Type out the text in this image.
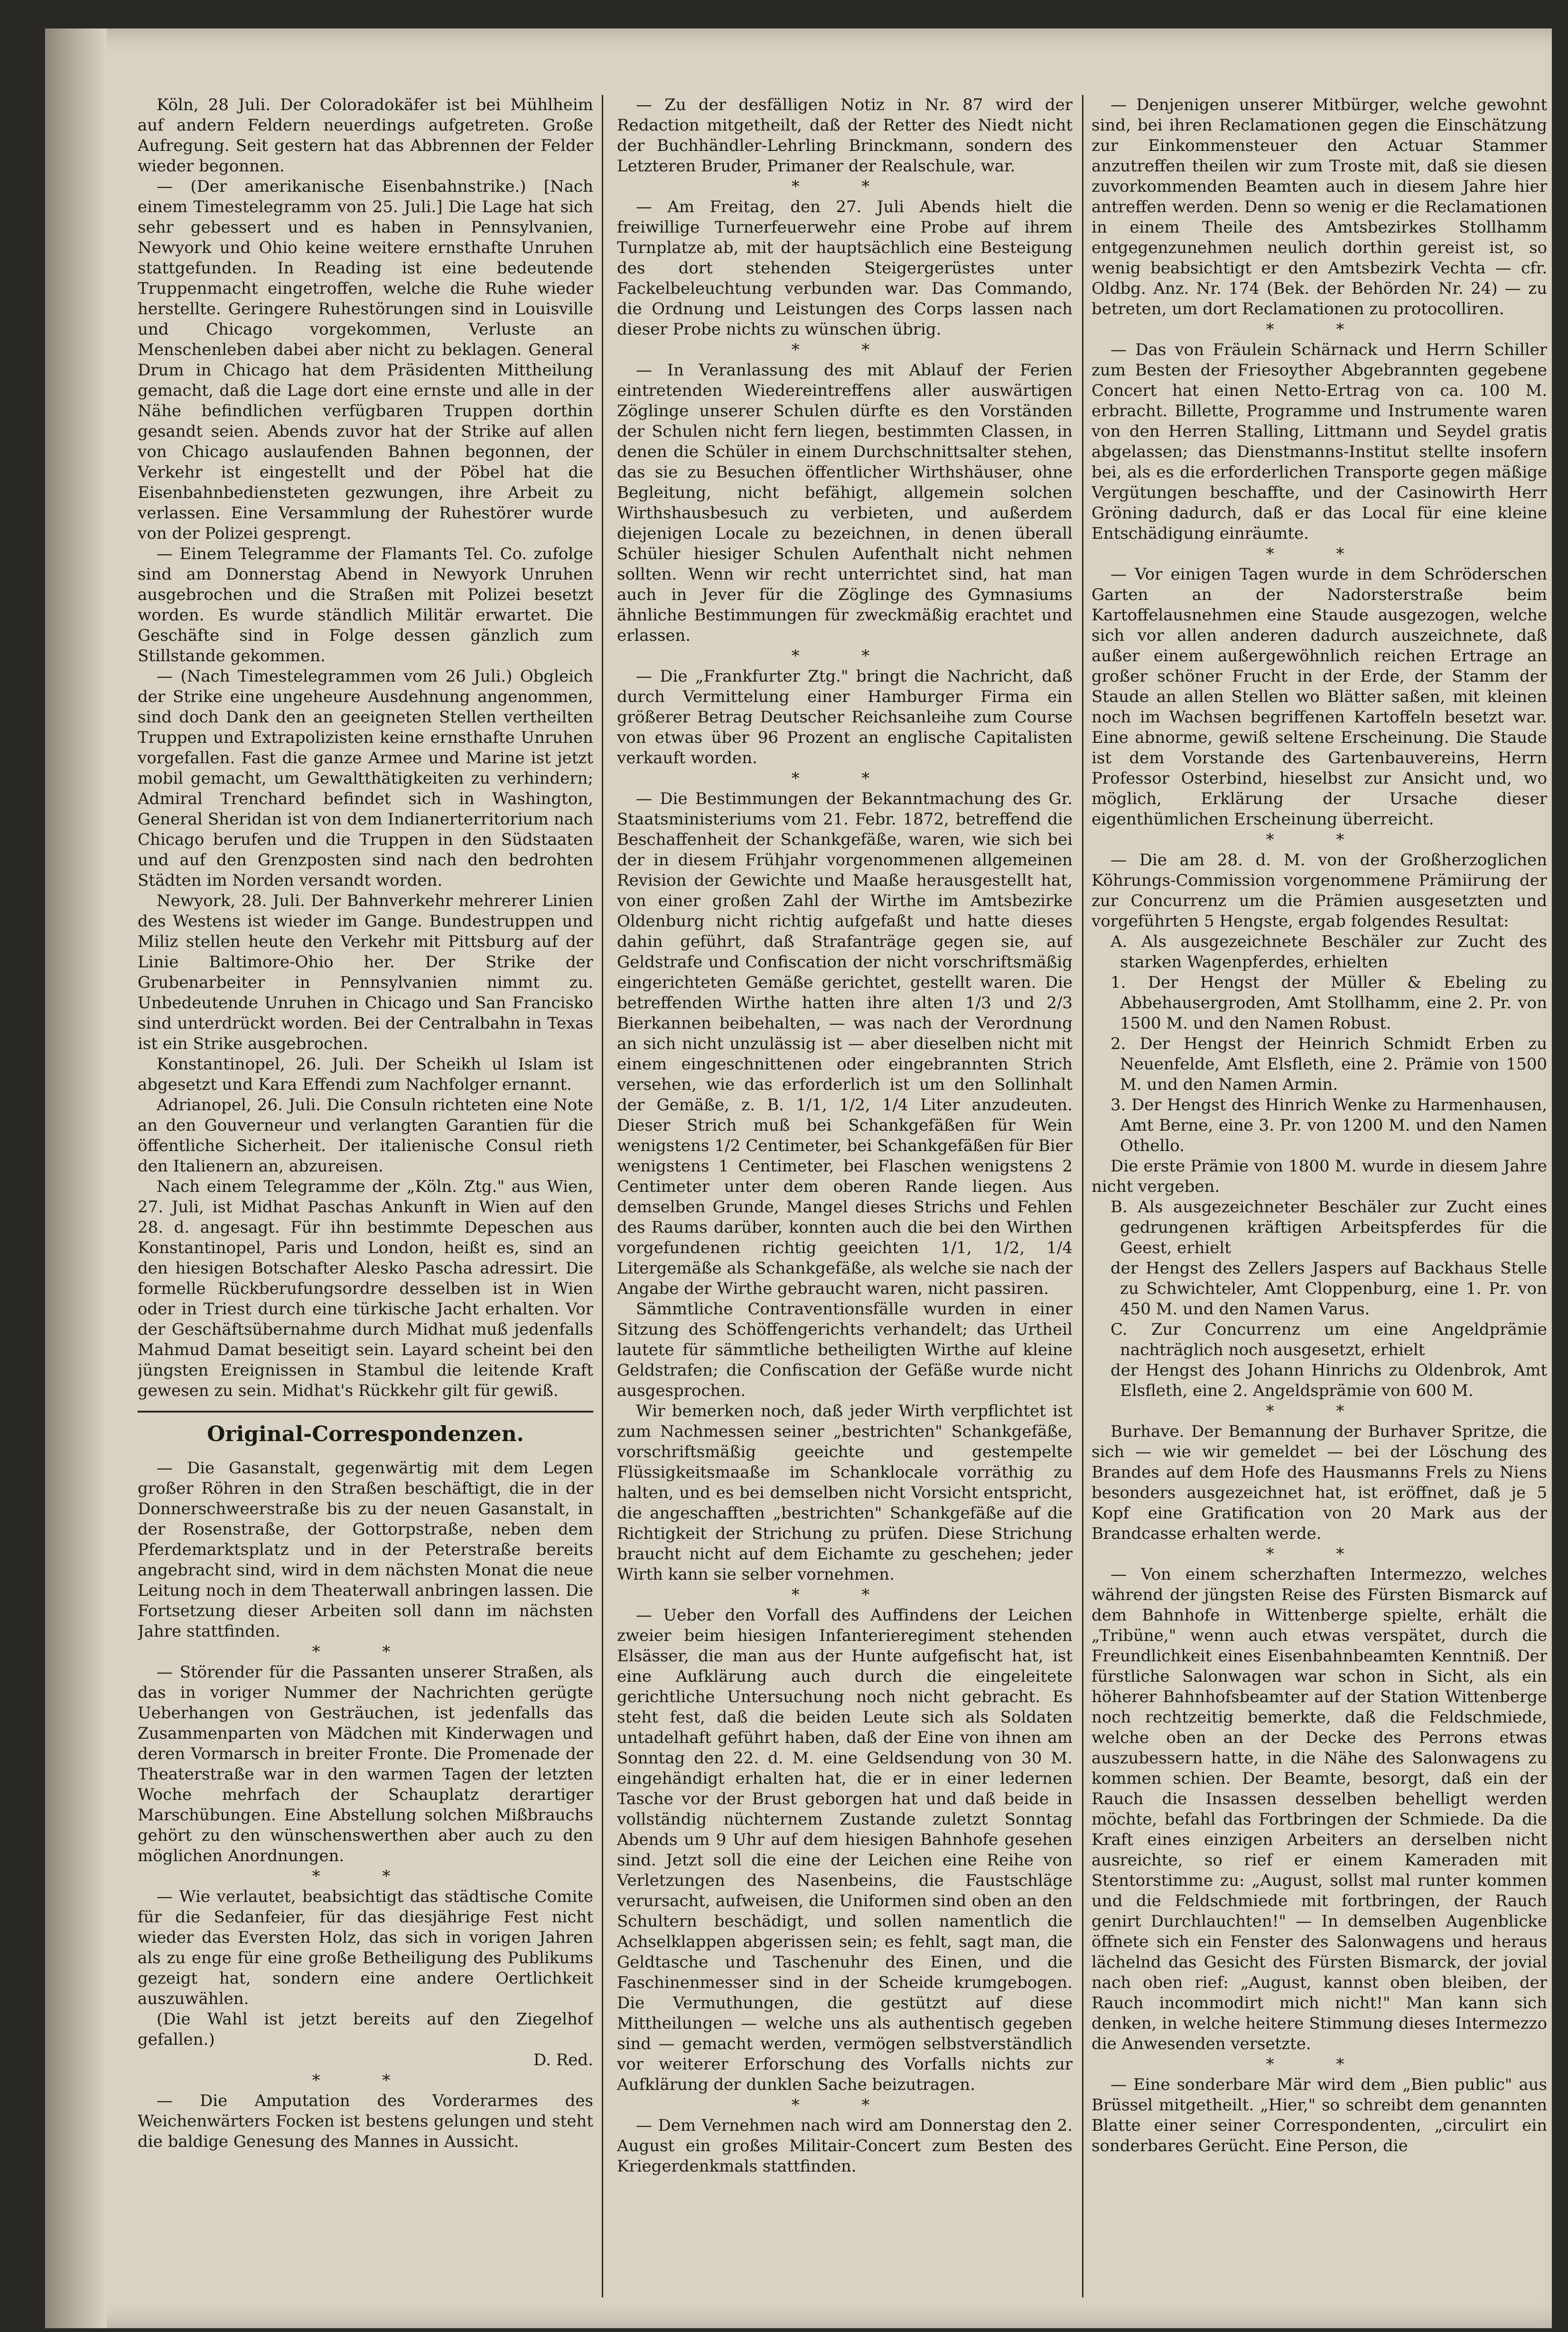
Köln, 28 Juli. Der Coloradokäfer ist bei Mühlheim auf andern Feldern neuerdings aufgetreten. Große Aufregung. Seit gestern hat das Abbrennen der Felder wieder begonnen.

— (Der amerikanische Eisenbahnstrike.) [Nach einem Timestelegramm von 25. Juli.] Die Lage hat sich sehr gebessert und es haben in Pennsylvanien, Newyork und Ohio keine weitere ernsthafte Unruhen stattgefunden. In Reading ist eine bedeutende Truppenmacht eingetroffen, welche die Ruhe wieder herstellte. Geringere Ruhestörungen sind in Louisville und Chicago vorgekommen, Verluste an Menschenleben dabei aber nicht zu beklagen. General Drum in Chicago hat dem Präsidenten Mittheilung gemacht, daß die Lage dort eine ernste und alle in der Nähe befindlichen verfügbaren Truppen dorthin gesandt seien. Abends zuvor hat der Strike auf allen von Chicago auslaufenden Bahnen begonnen, der Verkehr ist eingestellt und der Pöbel hat die Eisenbahnbediensteten gezwungen, ihre Arbeit zu verlassen. Eine Versammlung der Ruhestörer wurde von der Polizei gesprengt.

— Einem Telegramme der Flamants Tel. Co. zufolge sind am Donnerstag Abend in Newyork Unruhen ausgebrochen und die Straßen mit Polizei besetzt worden. Es wurde ständlich Militär erwartet. Die Geschäfte sind in Folge dessen gänzlich zum Stillstande gekommen.

— (Nach Timestelegrammen vom 26 Juli.) Obgleich der Strike eine ungeheure Ausdehnung angenommen, sind doch Dank den an geeigneten Stellen vertheilten Truppen und Extrapolizisten keine ernsthafte Unruhen vorgefallen. Fast die ganze Armee und Marine ist jetzt mobil gemacht, um Gewaltthätigkeiten zu verhindern; Admiral Trenchard befindet sich in Washington, General Sheridan ist von dem Indianerterritorium nach Chicago berufen und die Truppen in den Südstaaten und auf den Grenzposten sind nach den bedrohten Städten im Norden versandt worden.

Newyork, 28. Juli. Der Bahnverkehr mehrerer Linien des Westens ist wieder im Gange. Bundestruppen und Miliz stellen heute den Verkehr mit Pittsburg auf der Linie Baltimore-Ohio her. Der Strike der Grubenarbeiter in Pennsylvanien nimmt zu. Unbedeutende Unruhen in Chicago und San Francisko sind unterdrückt worden. Bei der Centralbahn in Texas ist ein Strike ausgebrochen.

Konstantinopel, 26. Juli. Der Scheikh ul Islam ist abgesetzt und Kara Effendi zum Nachfolger ernannt.

Adrianopel, 26. Juli. Die Consuln richteten eine Note an den Gouverneur und verlangten Garantien für die öffentliche Sicherheit. Der italienische Consul rieth den Italienern an, abzureisen.

Nach einem Telegramme der „Köln. Ztg." aus Wien, 27. Juli, ist Midhat Paschas Ankunft in Wien auf den 28. d. angesagt. Für ihn bestimmte Depeschen aus Konstantinopel, Paris und London, heißt es, sind an den hiesigen Botschafter Alesko Pascha adressirt. Die formelle Rückberufungsordre desselben ist in Wien oder in Triest durch eine türkische Jacht erhalten. Vor der Geschäftsübernahme durch Midhat muß jedenfalls Mahmud Damat beseitigt sein. Layard scheint bei den jüngsten Ereignissen in Stambul die leitende Kraft gewesen zu sein. Midhat's Rückkehr gilt für gewiß.

Original-Correspondenzen.

— Die Gasanstalt, gegenwärtig mit dem Legen großer Röhren in den Straßen beschäftigt, die in der Donnerschweerstraße bis zu der neuen Gasanstalt, in der Rosenstraße, der Gottorpstraße, neben dem Pferdemarktsplatz und in der Peterstraße bereits angebracht sind, wird in dem nächsten Monat die neue Leitung noch in dem Theaterwall anbringen lassen. Die Fortsetzung dieser Arbeiten soll dann im nächsten Jahre stattfinden.

* *

— Störender für die Passanten unserer Straßen, als das in voriger Nummer der Nachrichten gerügte Ueberhangen von Gesträuchen, ist jedenfalls das Zusammenparten von Mädchen mit Kinderwagen und deren Vormarsch in breiter Fronte. Die Promenade der Theaterstraße war in den warmen Tagen der letzten Woche mehrfach der Schauplatz derartiger Marschübungen. Eine Abstellung solchen Mißbrauchs gehört zu den wünschenswerthen aber auch zu den möglichen Anordnungen.

* *

— Wie verlautet, beabsichtigt das städtische Comite für die Sedanfeier, für das diesjährige Fest nicht wieder das Eversten Holz, das sich in vorigen Jahren als zu enge für eine große Betheiligung des Publikums gezeigt hat, sondern eine andere Oertlichkeit auszuwählen.

(Die Wahl ist jetzt bereits auf den Ziegelhof gefallen.)

D. Red.

* *

— Die Amputation des Vorderarmes des Weichenwärters Focken ist bestens gelungen und steht die baldige Genesung des Mannes in Aussicht.

— Zu der desfälligen Notiz in Nr. 87 wird der Redaction mitgetheilt, daß der Retter des Niedt nicht der Buchhändler-Lehrling Brinckmann, sondern des Letzteren Bruder, Primaner der Realschule, war.

* *

— Am Freitag, den 27. Juli Abends hielt die freiwillige Turnerfeuerwehr eine Probe auf ihrem Turnplatze ab, mit der hauptsächlich eine Besteigung des dort stehenden Steigergerüstes unter Fackelbeleuchtung verbunden war. Das Commando, die Ordnung und Leistungen des Corps lassen nach dieser Probe nichts zu wünschen übrig.

* *

— In Veranlassung des mit Ablauf der Ferien eintretenden Wiedereintreffens aller auswärtigen Zöglinge unserer Schulen dürfte es den Vorständen der Schulen nicht fern liegen, bestimmten Classen, in denen die Schüler in einem Durchschnittsalter stehen, das sie zu Besuchen öffentlicher Wirthshäuser, ohne Begleitung, nicht befähigt, allgemein solchen Wirthshausbesuch zu verbieten, und außerdem diejenigen Locale zu bezeichnen, in denen überall Schüler hiesiger Schulen Aufenthalt nicht nehmen sollten. Wenn wir recht unterrichtet sind, hat man auch in Jever für die Zöglinge des Gymnasiums ähnliche Bestimmungen für zweckmäßig erachtet und erlassen.

* *

— Die „Frankfurter Ztg." bringt die Nachricht, daß durch Vermittelung einer Hamburger Firma ein größerer Betrag Deutscher Reichsanleihe zum Course von etwas über 96 Prozent an englische Capitalisten verkauft worden.

* *

— Die Bestimmungen der Bekanntmachung des Gr. Staatsministeriums vom 21. Febr. 1872, betreffend die Beschaffenheit der Schankgefäße, waren, wie sich bei der in diesem Frühjahr vorgenommenen allgemeinen Revision der Gewichte und Maaße herausgestellt hat, von einer großen Zahl der Wirthe im Amtsbezirke Oldenburg nicht richtig aufgefaßt und hatte dieses dahin geführt, daß Strafanträge gegen sie, auf Geldstrafe und Confiscation der nicht vorschriftsmäßig eingerichteten Gemäße gerichtet, gestellt waren. Die betreffenden Wirthe hatten ihre alten 1/3 und 2/3 Bierkannen beibehalten, — was nach der Verordnung an sich nicht unzulässig ist — aber dieselben nicht mit einem eingeschnittenen oder eingebrannten Strich versehen, wie das erforderlich ist um den Sollinhalt der Gemäße, z. B. 1/1, 1/2, 1/4 Liter anzudeuten. Dieser Strich muß bei Schankgefäßen für Wein wenigstens 1/2 Centimeter, bei Schankgefäßen für Bier wenigstens 1 Centimeter, bei Flaschen wenigstens 2 Centimeter unter dem oberen Rande liegen. Aus demselben Grunde, Mangel dieses Strichs und Fehlen des Raums darüber, konnten auch die bei den Wirthen vorgefundenen richtig geeichten 1/1, 1/2, 1/4 Litergemäße als Schankgefäße, als welche sie nach der Angabe der Wirthe gebraucht waren, nicht passiren.

Sämmtliche Contraventionsfälle wurden in einer Sitzung des Schöffengerichts verhandelt; das Urtheil lautete für sämmtliche betheiligten Wirthe auf kleine Geldstrafen; die Confiscation der Gefäße wurde nicht ausgesprochen.

Wir bemerken noch, daß jeder Wirth verpflichtet ist zum Nachmessen seiner „bestrichten" Schankgefäße, vorschriftsmäßig geeichte und gestempelte Flüssigkeitsmaaße im Schanklocale vorräthig zu halten, und es bei demselben nicht Vorsicht entspricht, die angeschafften „bestrichten" Schankgefäße auf die Richtigkeit der Strichung zu prüfen. Diese Strichung braucht nicht auf dem Eichamte zu geschehen; jeder Wirth kann sie selber vornehmen.

* *

— Ueber den Vorfall des Auffindens der Leichen zweier beim hiesigen Infanterieregiment stehenden Elsässer, die man aus der Hunte aufgefischt hat, ist eine Aufklärung auch durch die eingeleitete gerichtliche Untersuchung noch nicht gebracht. Es steht fest, daß die beiden Leute sich als Soldaten untadelhaft geführt haben, daß der Eine von ihnen am Sonntag den 22. d. M. eine Geldsendung von 30 M. eingehändigt erhalten hat, die er in einer ledernen Tasche vor der Brust geborgen hat und daß beide in vollständig nüchternem Zustande zuletzt Sonntag Abends um 9 Uhr auf dem hiesigen Bahnhofe gesehen sind. Jetzt soll die eine der Leichen eine Reihe von Verletzungen des Nasenbeins, die Faustschläge verursacht, aufweisen, die Uniformen sind oben an den Schultern beschädigt, und sollen namentlich die Achselklappen abgerissen sein; es fehlt, sagt man, die Geldtasche und Taschenuhr des Einen, und die Faschinenmesser sind in der Scheide krumgebogen. Die Vermuthungen, die gestützt auf diese Mittheilungen — welche uns als authentisch gegeben sind — gemacht werden, vermögen selbstverständlich vor weiterer Erforschung des Vorfalls nichts zur Aufklärung der dunklen Sache beizutragen.

* *

— Dem Vernehmen nach wird am Donnerstag den 2. August ein großes Militair-Concert zum Besten des Kriegerdenkmals stattfinden.

— Denjenigen unserer Mitbürger, welche gewohnt sind, bei ihren Reclamationen gegen die Einschätzung zur Einkommensteuer den Actuar Stammer anzutreffen theilen wir zum Troste mit, daß sie diesen zuvorkommenden Beamten auch in diesem Jahre hier antreffen werden. Denn so wenig er die Reclamationen in einem Theile des Amtsbezirkes Stollhamm entgegenzunehmen neulich dorthin gereist ist, so wenig beabsichtigt er den Amtsbezirk Vechta — cfr. Oldbg. Anz. Nr. 174 (Bek. der Behörden Nr. 24) — zu betreten, um dort Reclamationen zu protocolliren.

* *

— Das von Fräulein Schärnack und Herrn Schiller zum Besten der Friesoyther Abgebrannten gegebene Concert hat einen Netto-Ertrag von ca. 100 M. erbracht. Billette, Programme und Instrumente waren von den Herren Stalling, Littmann und Seydel gratis abgelassen; das Dienstmanns-Institut stellte insofern bei, als es die erforderlichen Transporte gegen mäßige Vergütungen beschaffte, und der Casinowirth Herr Gröning dadurch, daß er das Local für eine kleine Entschädigung einräumte.

* *

— Vor einigen Tagen wurde in dem Schröderschen Garten an der Nadorsterstraße beim Kartoffelausnehmen eine Staude ausgezogen, welche sich vor allen anderen dadurch auszeichnete, daß außer einem außergewöhnlich reichen Ertrage an großer schöner Frucht in der Erde, der Stamm der Staude an allen Stellen wo Blätter saßen, mit kleinen noch im Wachsen begriffenen Kartoffeln besetzt war. Eine abnorme, gewiß seltene Erscheinung. Die Staude ist dem Vorstande des Gartenbauvereins, Herrn Professor Osterbind, hieselbst zur Ansicht und, wo möglich, Erklärung der Ursache dieser eigenthümlichen Erscheinung überreicht.

* *

— Die am 28. d. M. von der Großherzoglichen Köhrungs-Commission vorgenommene Prämiirung der zur Concurrenz um die Prämien ausgesetzten und vorgeführten 5 Hengste, ergab folgendes Resultat:

A. Als ausgezeichnete Beschäler zur Zucht des starken Wagenpferdes, erhielten

1. Der Hengst der Müller & Ebeling zu Abbehausergroden, Amt Stollhamm, eine 2. Pr. von 1500 M. und den Namen Robust.

2. Der Hengst der Heinrich Schmidt Erben zu Neuenfelde, Amt Elsfleth, eine 2. Prämie von 1500 M. und den Namen Armin.

3. Der Hengst des Hinrich Wenke zu Harmenhausen, Amt Berne, eine 3. Pr. von 1200 M. und den Namen Othello.

Die erste Prämie von 1800 M. wurde in diesem Jahre nicht vergeben.

B. Als ausgezeichneter Beschäler zur Zucht eines gedrungenen kräftigen Arbeitspferdes für die Geest, erhielt

der Hengst des Zellers Jaspers auf Backhaus Stelle zu Schwichteler, Amt Cloppenburg, eine 1. Pr. von 450 M. und den Namen Varus.

C. Zur Concurrenz um eine Angeldprämie nachträglich noch ausgesetzt, erhielt

der Hengst des Johann Hinrichs zu Oldenbrok, Amt Elsfleth, eine 2. Angeldsprämie von 600 M.

* *

Burhave. Der Bemannung der Burhaver Spritze, die sich — wie wir gemeldet — bei der Löschung des Brandes auf dem Hofe des Hausmanns Frels zu Niens besonders ausgezeichnet hat, ist eröffnet, daß je 5 Kopf eine Gratification von 20 Mark aus der Brandcasse erhalten werde.

* *

— Von einem scherzhaften Intermezzo, welches während der jüngsten Reise des Fürsten Bismarck auf dem Bahnhofe in Wittenberge spielte, erhält die „Tribüne," wenn auch etwas verspätet, durch die Freundlichkeit eines Eisenbahnbeamten Kenntniß. Der fürstliche Salonwagen war schon in Sicht, als ein höherer Bahnhofsbeamter auf der Station Wittenberge noch rechtzeitig bemerkte, daß die Feldschmiede, welche oben an der Decke des Perrons etwas auszubessern hatte, in die Nähe des Salonwagens zu kommen schien. Der Beamte, besorgt, daß ein der Rauch die Insassen desselben behelligt werden möchte, befahl das Fortbringen der Schmiede. Da die Kraft eines einzigen Arbeiters an derselben nicht ausreichte, so rief er einem Kameraden mit Stentorstimme zu: „August, sollst mal runter kommen und die Feldschmiede mit fortbringen, der Rauch genirt Durchlauchten!" — In demselben Augenblicke öffnete sich ein Fenster des Salonwagens und heraus lächelnd das Gesicht des Fürsten Bismarck, der jovial nach oben rief: „August, kannst oben bleiben, der Rauch incommodirt mich nicht!" Man kann sich denken, in welche heitere Stimmung dieses Intermezzo die Anwesenden versetzte.

* *

— Eine sonderbare Mär wird dem „Bien public" aus Brüssel mitgetheilt. „Hier," so schreibt dem genannten Blatte einer seiner Correspondenten, „circulirt ein sonderbares Gerücht. Eine Person, die
